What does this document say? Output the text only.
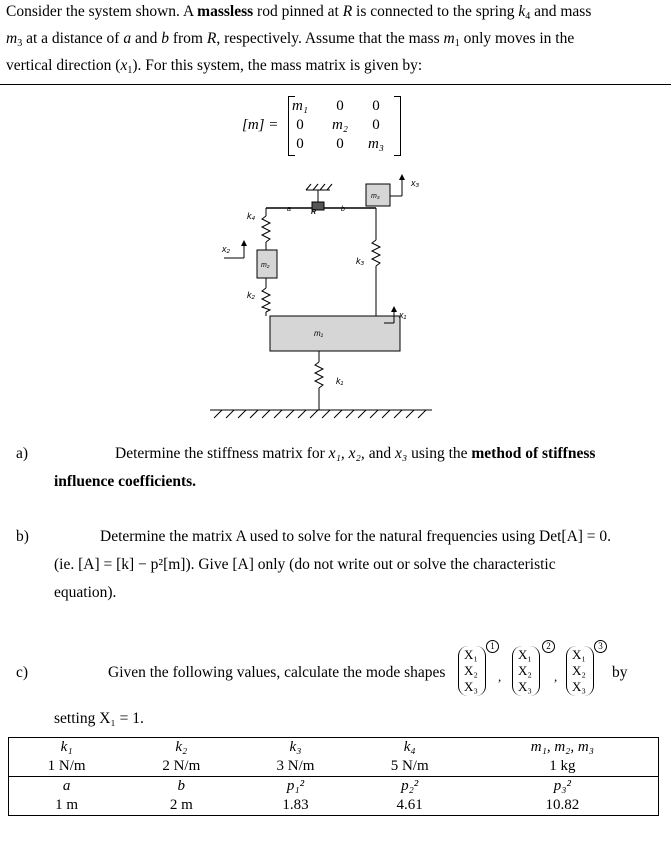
Consider the system shown. A massless rod pinned at R is connected to the spring $k_4$ and mass
$m_3$ at a distance of a and b from R, respectively. Assume that the mass $m_1$ only moves in the
vertical direction $(x_1)$. For this system, the mass matrix is given by:
[m] =
m₁	0	0
0	m₂	0
0	0	m₃
x₃
m₃
a	R	b
k₄
x₂
m₂	k₃
k₂
x₁
m₁
k₁
a)	Determine the stiffness matrix for x₁, x₂, and x₃ using the method of stiffness
influence coefficients.
b)	Determine the matrix A used to solve for the natural frequencies using Det[A] = 0.
(ie. [A] = [k] − p²[m]). Give [A] only (do not write out or solve the characteristic
equation).
c)	Given the following values, calculate the mode shapes
X₁
X₂
X₃
1
,
X₁
X₂
X₃
2
,
X₁
X₂
X₃
3
by
setting X₁ = 1.
k₁	k₂	k₃	k₄	m₁, m₂, m₃
1 N/m	2 N/m	3 N/m	5 N/m	1 kg
a	b	p₁²	p₂²	p₃²
1 m	2 m	1.83	4.61	10.82
